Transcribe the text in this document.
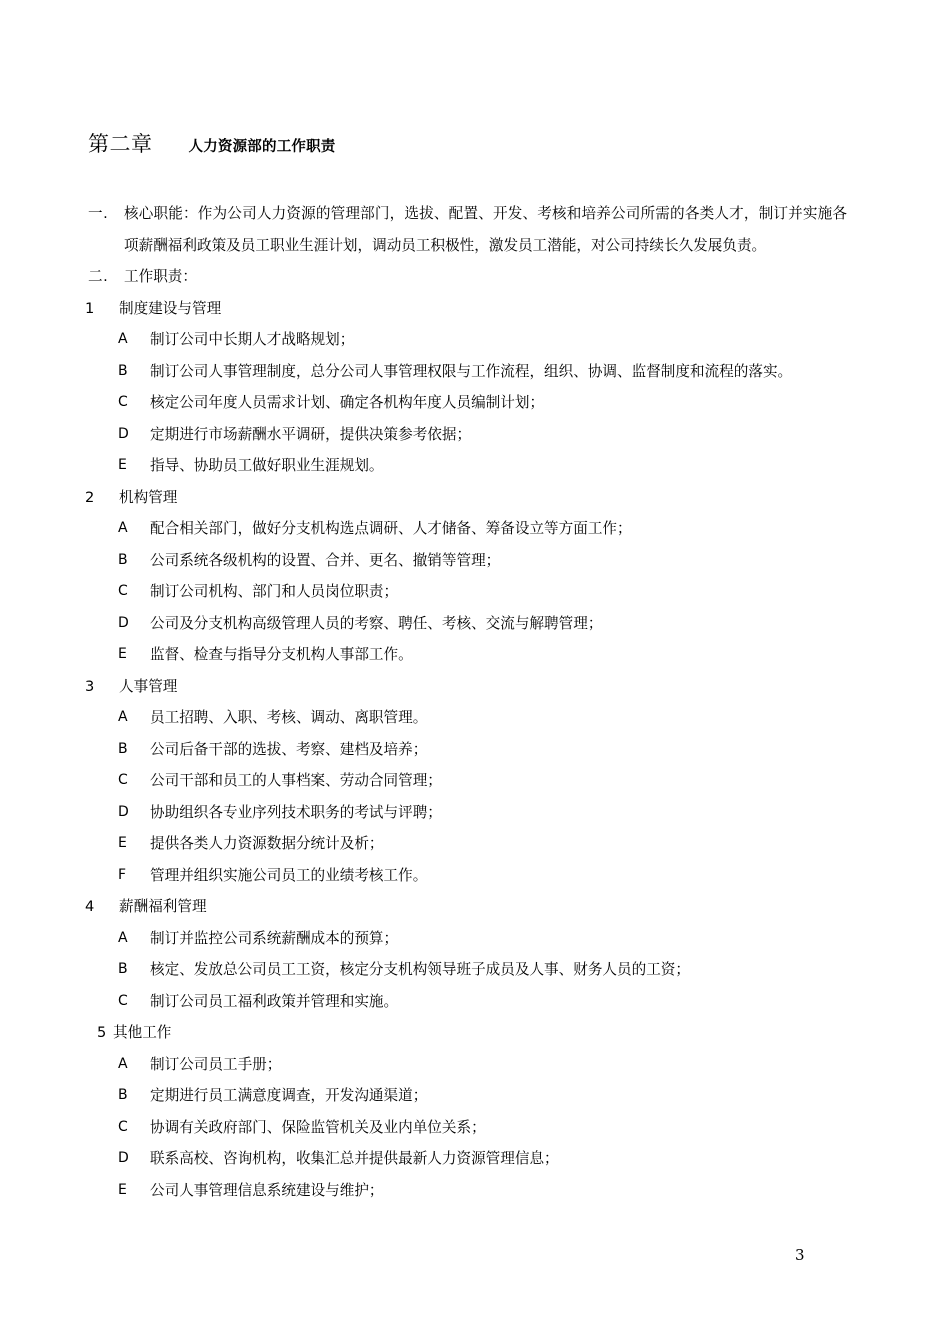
第二章 人力资源部的工作职责
一.	核心职能：作为公司人力资源的管理部门，选拔、配置、开发、考核和培养公司所需的各类人才，制订并实施各项薪酬福利政策及员工职业生涯计划，调动员工积极性，激发员工潜能，对公司持续长久发展负责。
二.	工作职责：
1	制度建设与管理
A	制订公司中长期人才战略规划；
B	制订公司人事管理制度，总分公司人事管理权限与工作流程，组织、协调、监督制度和流程的落实。
C	核定公司年度人员需求计划、确定各机构年度人员编制计划；
D	定期进行市场薪酬水平调研，提供决策参考依据；
E	指导、协助员工做好职业生涯规划。
2	机构管理
A	配合相关部门，做好分支机构选点调研、人才储备、筹备设立等方面工作；
B	公司系统各级机构的设置、合并、更名、撤销等管理；
C	制订公司机构、部门和人员岗位职责；
D	公司及分支机构高级管理人员的考察、聘任、考核、交流与解聘管理；
E	监督、检查与指导分支机构人事部工作。
3	人事管理
A	员工招聘、入职、考核、调动、离职管理。
B	公司后备干部的选拔、考察、建档及培养；
C	公司干部和员工的人事档案、劳动合同管理；
D	协助组织各专业序列技术职务的考试与评聘；
E	提供各类人力资源数据分统计及析；
F	管理并组织实施公司员工的业绩考核工作。
4	薪酬福利管理
A	制订并监控公司系统薪酬成本的预算；
B	核定、发放总公司员工工资，核定分支机构领导班子成员及人事、财务人员的工资；
C	制订公司员工福利政策并管理和实施。
5 其他工作
A	制订公司员工手册；
B	定期进行员工满意度调查，开发沟通渠道；
C	协调有关政府部门、保险监管机关及业内单位关系；
D	联系高校、咨询机构，收集汇总并提供最新人力资源管理信息；
E	公司人事管理信息系统建设与维护；
3
